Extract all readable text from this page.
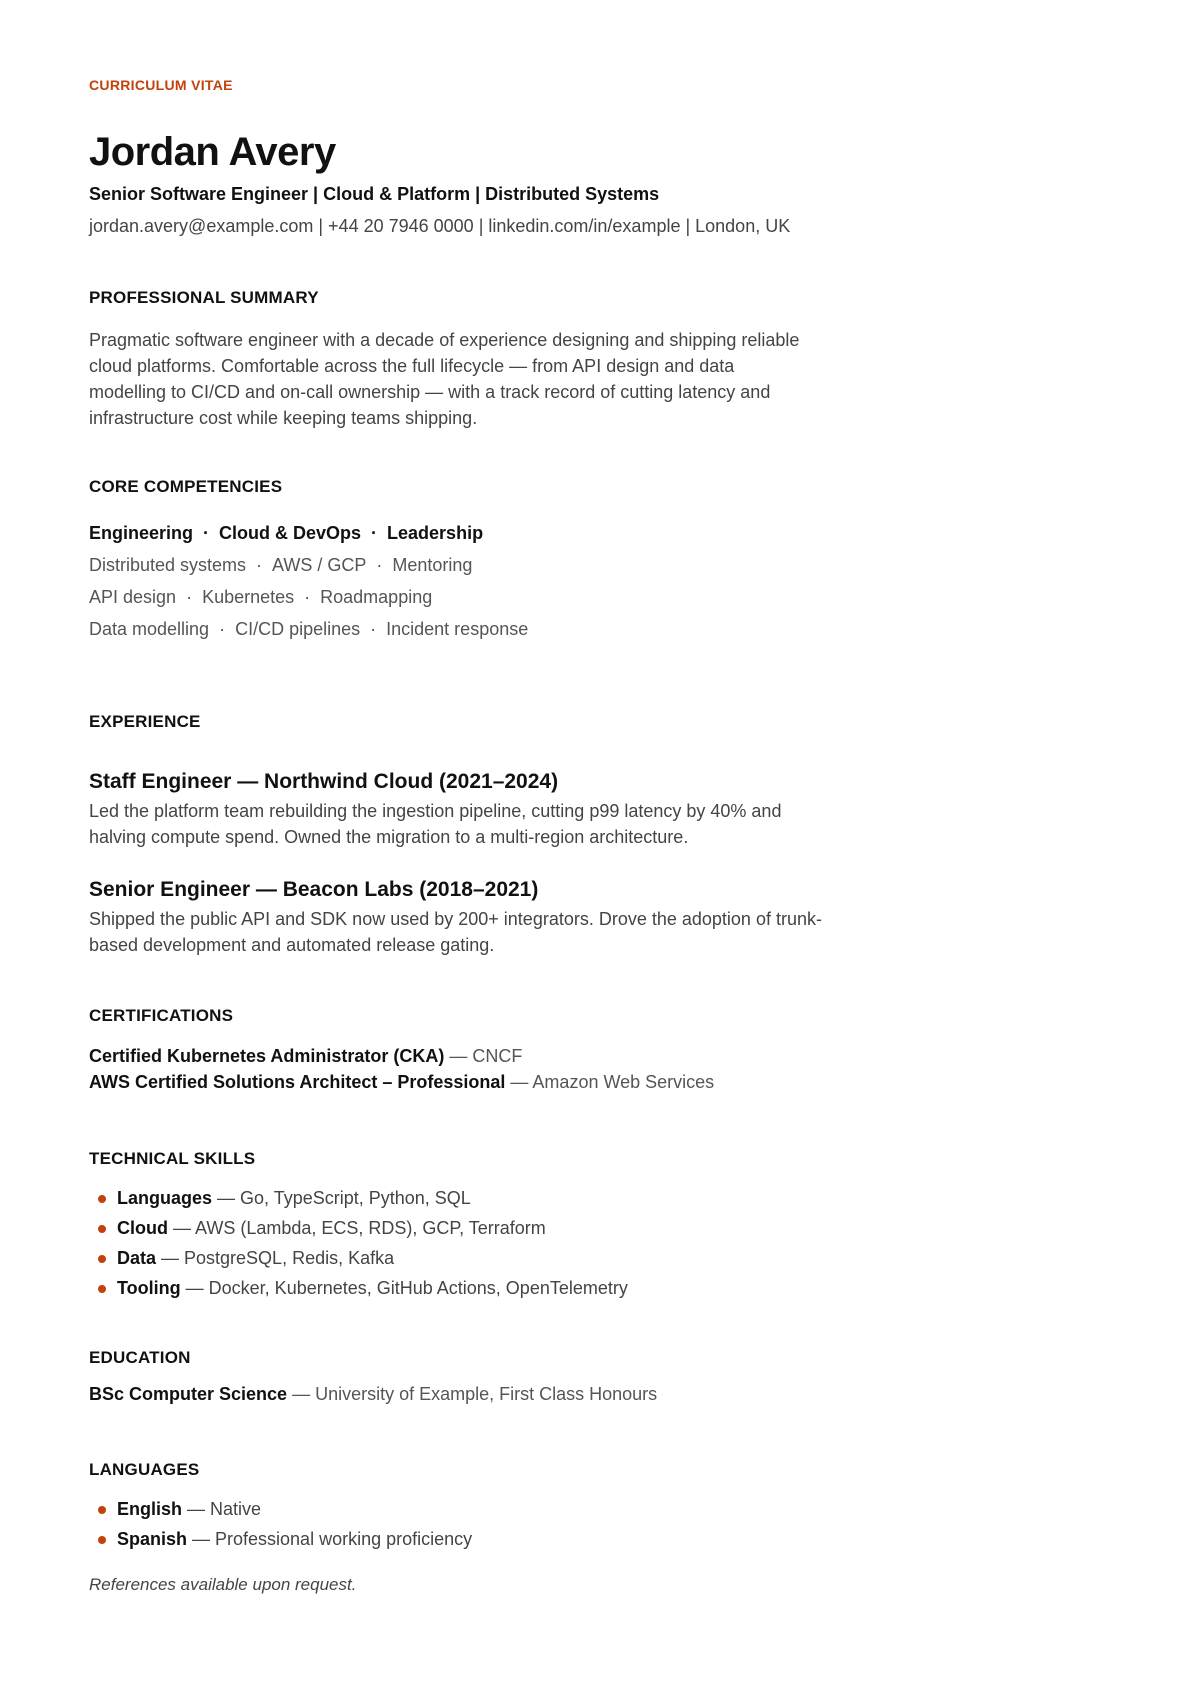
CURRICULUM VITAE
Jordan Avery
Senior Software Engineer | Cloud & Platform | Distributed Systems
jordan.avery@example.com | +44 20 7946 0000 | linkedin.com/in/example | London, UK
PROFESSIONAL SUMMARY
Pragmatic software engineer with a decade of experience designing and shipping reliable cloud platforms. Comfortable across the full lifecycle — from API design and data modelling to CI/CD and on-call ownership — with a track record of cutting latency and infrastructure cost while keeping teams shipping.
CORE COMPETENCIES
Engineering · Cloud & DevOps · Leadership
Distributed systems · AWS / GCP · Mentoring
API design · Kubernetes · Roadmapping
Data modelling · CI/CD pipelines · Incident response
EXPERIENCE
Staff Engineer — Northwind Cloud (2021–2024)
Led the platform team rebuilding the ingestion pipeline, cutting p99 latency by 40% and halving compute spend. Owned the migration to a multi-region architecture.
Senior Engineer — Beacon Labs (2018–2021)
Shipped the public API and SDK now used by 200+ integrators. Drove the adoption of trunk-based development and automated release gating.
CERTIFICATIONS
Certified Kubernetes Administrator (CKA) — CNCF
AWS Certified Solutions Architect – Professional — Amazon Web Services
TECHNICAL SKILLS
Languages — Go, TypeScript, Python, SQL
Cloud — AWS (Lambda, ECS, RDS), GCP, Terraform
Data — PostgreSQL, Redis, Kafka
Tooling — Docker, Kubernetes, GitHub Actions, OpenTelemetry
EDUCATION
BSc Computer Science — University of Example, First Class Honours
LANGUAGES
English — Native
Spanish — Professional working proficiency
References available upon request.
